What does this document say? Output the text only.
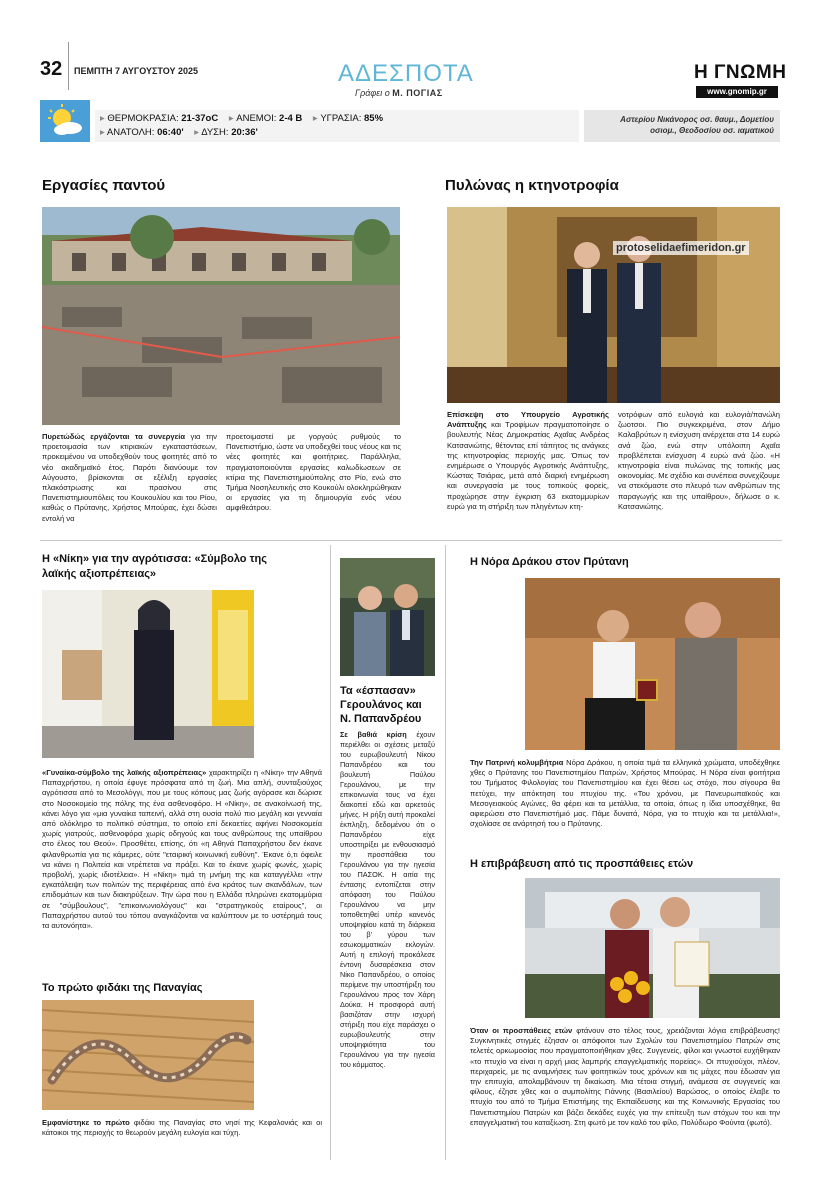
32 ΠΕΜΠΤΗ 7 ΑΥΓΟΥΣΤΟΥ 2025	ΑΔΕΣΠΟΤΑ
Γράφει ο Μ. ΠΟΓΙΑΣ
Η ΓΝΩΜΗ
www.gnomip.gr
▸ ΘΕΡΜΟΚΡΑΣΙΑ: 21-37oC ▸ ΑΝΕΜΟΙ: 2-4 B ▸ ΥΓΡΑΣΙΑ: 85%
▸ ΑΝΑΤΟΛΗ: 06:40' ▸ ΔΥΣΗ: 20:36'
Αστερίου Νικάνορος οσ. θαυμ., Δομετίου
οσιομ., Θεοδοσίου οσ. ιαματικού
Εργασίες παντού
Πυρετώδώς εργάζονται τα συνεργεία για την προετοιμασία των κτιριακών εγκαταστάσεων, προκειμένου να υποδεχθούν τους φοιτητές από το νέο ακαδημαϊκό έτος. Παρότι διανύουμε τον Αύγουστο, βρίσκονται σε εξέλιξη εργασίες πλακόστρωσης και πρασίνου στις Πανεπιστημιουπόλεις του Κουκουλίου και του Ρίου, καθώς ο Πρύτανης, Χρήστος Μπούρας, έχει δώσει εντολή να
προετοιμαστεί με γοργούς ρυθμούς το Πανεπιστήμιο, ώστε να υποδεχθεί τους νέους και τις νέες φοιτητές και φοιτήτριες. Παράλληλα, πραγματοποιούνται εργασίες καλωδίωσεων σε κτίρια της Πανεπιστημιούπολης στο Ρίο, ενώ στο Τμήμα Νοσηλευτικής στο Κουκούλι ολοκληρώθηκαν οι εργασίες για τη δημιουργία ενός νέου αμφιθεάτρου.
Πυλώνας η κτηνοτροφία
protoselidaefimeridon.gr
Επίσκεψη στο Υπουργείο Αγροτικής Ανάπτυξης και Τροφίμων πραγματοποίησε ο βουλευτής Νέας Δημοκρατίας Αχαΐας Ανδρέας Κατσανιώτης, θέτοντας επί τάπητος τις ανάγκες της κτηνοτροφίας περιοχής μας. Όπως τον ενημέρωσε ο Υπουργός Αγροτικής Ανάπτυξης, Κώστας Τσιάρας, μετά από διαρκή ενημέρωση και συνεργασία με τους τοπικούς φορείς, προχώρησε στην έγκριση 63 εκατομμυρίων ευρώ για τη στήριξη των πληγέντων κτη-
νοτρόφων από ευλογιά και ευλογιά/πανώλη ζωοτσοι. Πιο συγκεκριμένα, στον Δήμο Καλαβρύτων η ενίσχυση ανέρχεται στα 14 ευρώ ανά ζώο, ενώ στην υπόλοιπη Αχαΐα προβλέπεται ενίσχυση 4 ευρώ ανά ζώο. «Η κτηνοτροφία είναι πυλώνας της τοπικής μας οικονομίας. Με σχέδιο και συνέπεια συνεχίζουμε να στεκόμαστε στο πλευρό των ανθρώπων της παραγωγής και της υπαίθρου», δήλωσε ο κ. Κατσανιώτης.
Η «Νίκη» για την αγρότισσα: «Σύμβολο της λαϊκής αξιοπρέπειας»
«Γυναίκα-σύμβολο της λαϊκής αξιοπρέπειας» χαρακτηρίζει η «Νίκη» την Αθηνά Παπαχρήστου, η οποία έφυγε πρόσφατα από τη ζωή. Μια απλή, συνταξιούχος αγρότισσα από το Μεσολόγγι, που με τους κόπους μας ζωής αγόρασε και δώρισε στο Νοσοκομείο της πόλης της ένα ασθενοφόρο. Η «Νίκη», σε ανακοίνωσή της, κάνει λόγο για «μια γυναίκα ταπεινή, αλλά στη ουσία πολύ πιο μεγάλη και γενναία από ολόκληρο το πολιτικό σύστημα, το οποίο επί δεκαετίες αφήνει Νοσοκομεία χωρίς γιατρούς, ασθενοφόρα χωρίς οδηγούς και τους ανθρώπους της υπαίθρου στο έλεος του Θεού». Προσθέτει, επίσης, ότι «η Αθηνά Παπαχρήστου δεν έκανε φιλανθρωπία για τις κάμερες, ούτε "εταιρική κοινωνική ευθύνη". Έκανε ό,τι όφειλε να κάνει η Πολιτεία και ντρέπεται να πράξει. Και το έκανε χωρίς φωνές, χωρίς προβολή, χωρίς ιδιοτέλεια». Η «Νίκη» τιμά τη μνήμη της και καταγγέλλει «την εγκατάλειψη των πολιτών της περιφέρειας από ένα κράτος των σκανδάλων, των επιδομάτων και των διακηρύξεων. Την ώρα που η Ελλάδα πληρώνει εκατομμύρια σε "σύμβουλους", "επικοινωνιολόγους" και "στρατηγικούς εταίρους", οι Παπαχρήστου αυτού του τόπου αναγκάζονται να καλύπτουν με το υστέρημά τους τα αυτονόητα».
Το πρώτο φιδάκι της Παναγίας
Εμφανίστηκε το πρώτο φιδάκι της Παναγίας στο νησί της Κεφαλονιάς και οι κάτοικοι της περιοχής το θεωρούν μεγάλη ευλογία και τύχη.
Τα «έσπασαν» Γερουλάνος και Ν. Παπανδρέου
Σε βαθιά κρίση έχουν περιέλθει οι σχέσεις μεταξύ του ευρωβουλευτή Νίκου Παπανδρέου και του βουλευτή Παύλου Γερουλάνου, με την επικοινωνία τους να έχει διακοπεί εδώ και αρκετούς μήνες. Η ρήξη αυτή προκαλεί έκπληξη, δεδομένου ότι ο Παπανδρέου είχε υποστηρίξει με ενθουσιασμό την προσπάθεια του Γερουλάνου για την ηγεσία του ΠΑΣΟΚ. Η αιτία της έντασης εντοπίζεται στην απόφαση του Παύλου Γερουλάνου να μην τοποθετηθεί υπέρ κανενός υποψηφίου κατά τη διάρκεια του β' γύρου των εσωκομματικών εκλογών. Αυτή η επιλογή προκάλεσε έντονη δυσαρέσκεια στον Νίκο Παπανδρέου, ο οποίος περίμενε την υποστήριξη του Γερουλάνου προς τον Χάρη Δούκα. Η προσφορά αυτή βασιζόταν στην ισχυρή στήριξη που είχε παράσχει ο ευρωβουλευτής στην υποψηφιότητα του Γερουλάνου για την ηγεσία του κόμματος.
Η Νόρα Δράκου στον Πρύτανη
Την Πατρινή κολυμβήτρια Νόρα Δράκου, η οποία τιμά τα ελληνικά χρώματα, υποδέχθηκε χθες ο Πρύτανης του Πανεπιστημίου Πατρών, Χρήστος Μπούρας. Η Νόρα είναι φοιτήτρια του Τμήματος Φιλολογίας του Πανεπιστημίου και έχει θέσει ως στόχο, που σίγουρα θα πετύχει, την απόκτηση του πτυχίου της. «Του χρόνου, με Πανευρωπαϊκούς και Μεσογειακούς Αγώνες, θα φέρει και τα μετάλλια, τα οποία, όπως η ίδια υποσχέθηκε, θα αφιερώσει στο Πανεπιστήμιό μας. Πάμε δυνατά, Νόρα, για το πτυχίο και τα μετάλλια!», σχολίασε σε ανάρτησή του ο Πρύτανης.
Η επιβράβευση από τις προσπάθειες ετών
Όταν οι προσπάθειες ετών φτάνουν στο τέλος τους, χρειάζονται λόγια επιβράβευσης! Συγκινητικές στιγμές έζησαν οι απόφοιτοι των Σχολών του Πανεπιστημίου Πατρών στις τελετές ορκωμοσίας που πραγματοποιήθηκαν χθες. Συγγενείς, φίλοι και γνωστοί ευχήθηκαν «το πτυχίο να είναι η αρχή μιας λαμπρής επαγγελματικής πορείας». Οι πτυχιούχοι, πλέον, περιχαρείς, με τις αναμνήσεις των φοιτητικών τους χρόνων και τις μάχες που έδωσαν για την επιτυχία, απολαμβάνουν τη δικαίωση. Μια τέτοια στιγμή, ανάμεσα σε συγγενείς και φίλους, έζησε χθες και ο συμπολίτης Γιάννης (Βασιλείου) Βαρώσος, ο οποίος έλαβε το πτυχίο του από το Τμήμα Επιστήμης της Εκπαίδευσης και της Κοινωνικής Εργασίας του Πανεπιστημίου Πατρών και βάζει δεκάδες ευχές για την επίτευξη των στόχων του και την επαγγελματική του καταξίωση. Στη φωτό με τον καλό του φίλο, Πολύδωρο Φούντα (φωτό).
